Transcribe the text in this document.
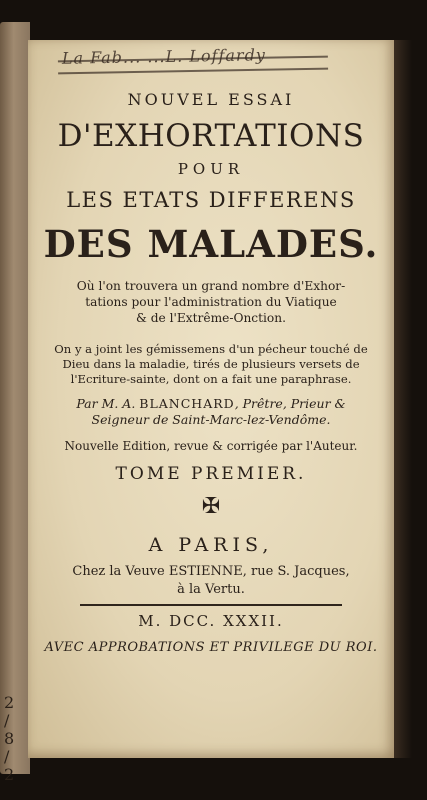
2 / 8 / 2
La Fab... ...L. Loffardy
NOUVEL ESSAI
D'EXHORTATIONS
POUR
LES ETATS DIFFERENS
DES MALADES.
Où l'on trouvera un grand nombre d'Exhor-
tations pour l'administration du Viatique
& de l'Extrême-Onction.
On y a joint les gémissemens d'un pécheur touché de
Dieu dans la maladie, tirés de plusieurs versets de
l'Ecriture-sainte, dont on a fait une paraphrase.
Par M. A. BLANCHARD, Prêtre, Prieur &
Seigneur de Saint-Marc-lez-Vendôme.
Nouvelle Edition, revue & corrigée par l'Auteur.
TOME PREMIER.
✠
A PARIS,
Chez la Veuve ESTIENNE, rue S. Jacques,
à la Vertu.
M. DCC. XXXII.
AVEC APPROBATIONS ET PRIVILEGE DU ROI.
